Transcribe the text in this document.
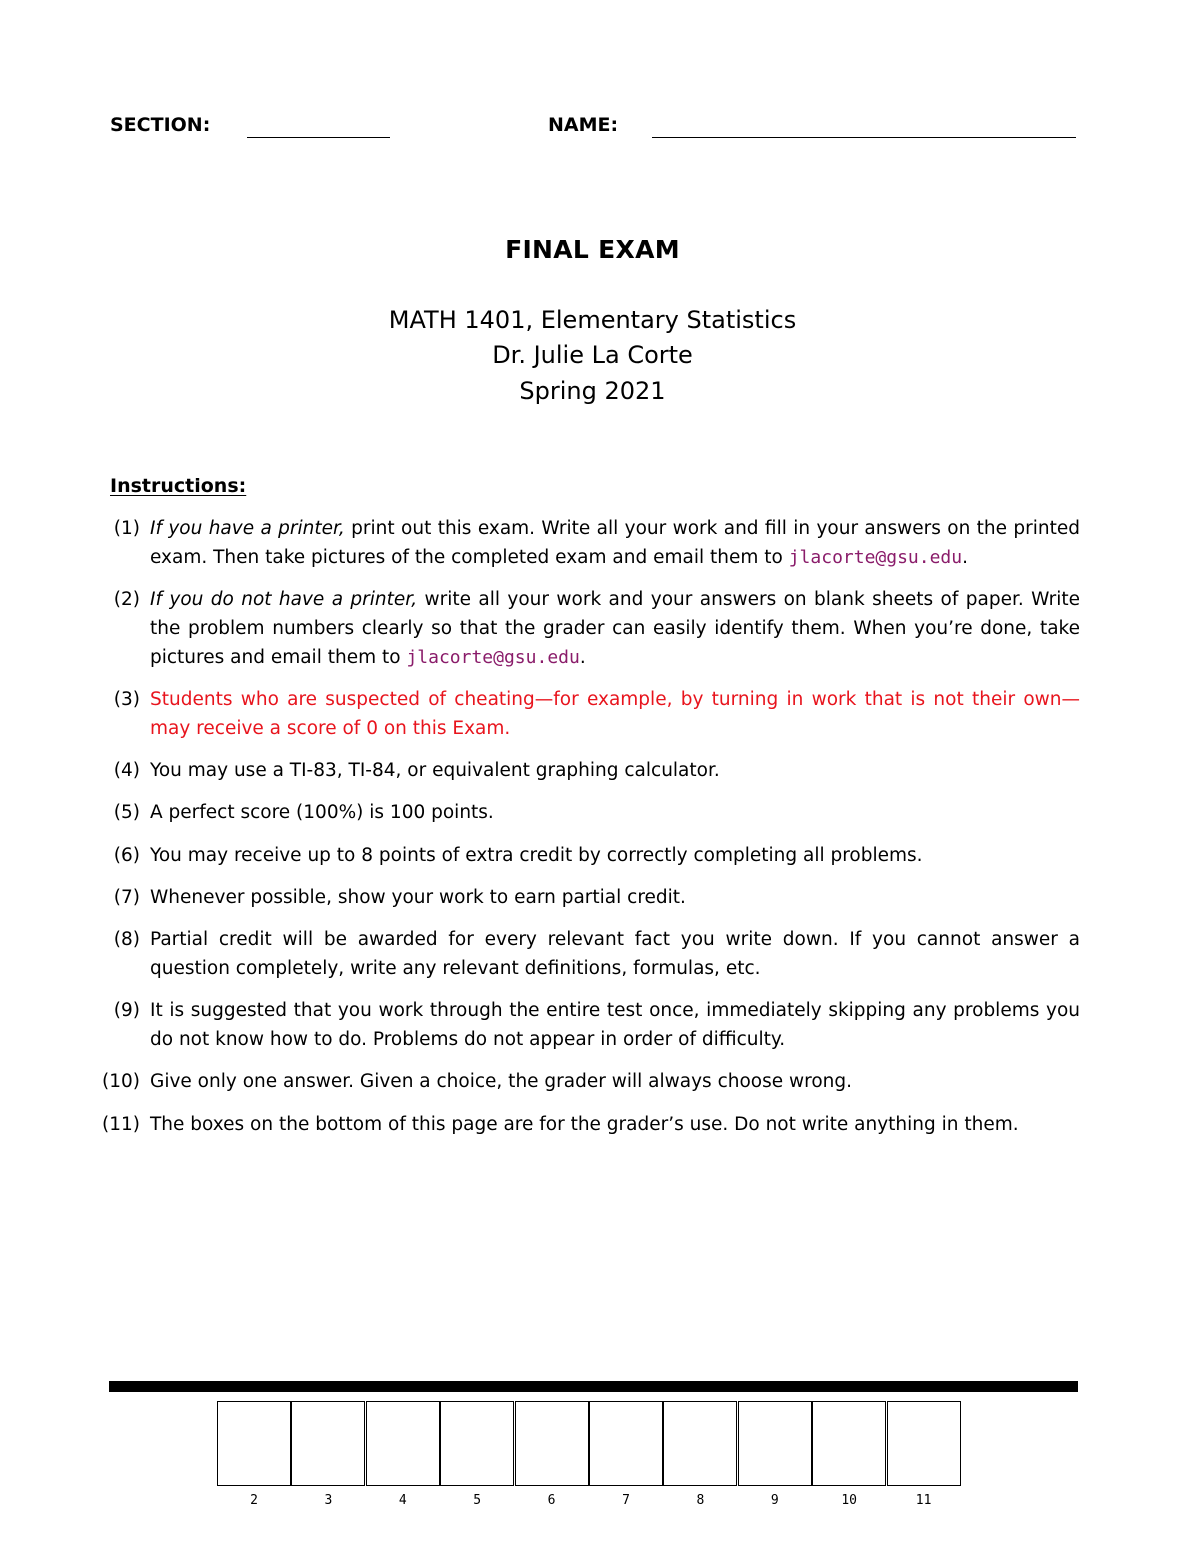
SECTION:	NAME:
FINAL EXAM
MATH 1401, Elementary Statistics
Dr. Julie La Corte
Spring 2021
Instructions:
(1) If you have a printer, print out this exam. Write all your work and fill in your answers on the printed exam. Then take pictures of the completed exam and email them to jlacorte@gsu.edu.
(2) If you do not have a printer, write all your work and your answers on blank sheets of paper. Write the problem numbers clearly so that the grader can easily identify them. When you’re done, take pictures and email them to jlacorte@gsu.edu.
(3) Students who are suspected of cheating—for example, by turning in work that is not their own—may receive a score of 0 on this Exam.
(4) You may use a TI-83, TI-84, or equivalent graphing calculator.
(5) A perfect score (100%) is 100 points.
(6) You may receive up to 8 points of extra credit by correctly completing all problems.
(7) Whenever possible, show your work to earn partial credit.
(8) Partial credit will be awarded for every relevant fact you write down. If you cannot answer a question completely, write any relevant definitions, formulas, etc.
(9) It is suggested that you work through the entire test once, immediately skipping any problems you do not know how to do. Problems do not appear in order of difficulty.
(10) Give only one answer. Given a choice, the grader will always choose wrong.
(11) The boxes on the bottom of this page are for the grader’s use. Do not write anything in them.
2	3	4	5	6	7	8	9	10	11
